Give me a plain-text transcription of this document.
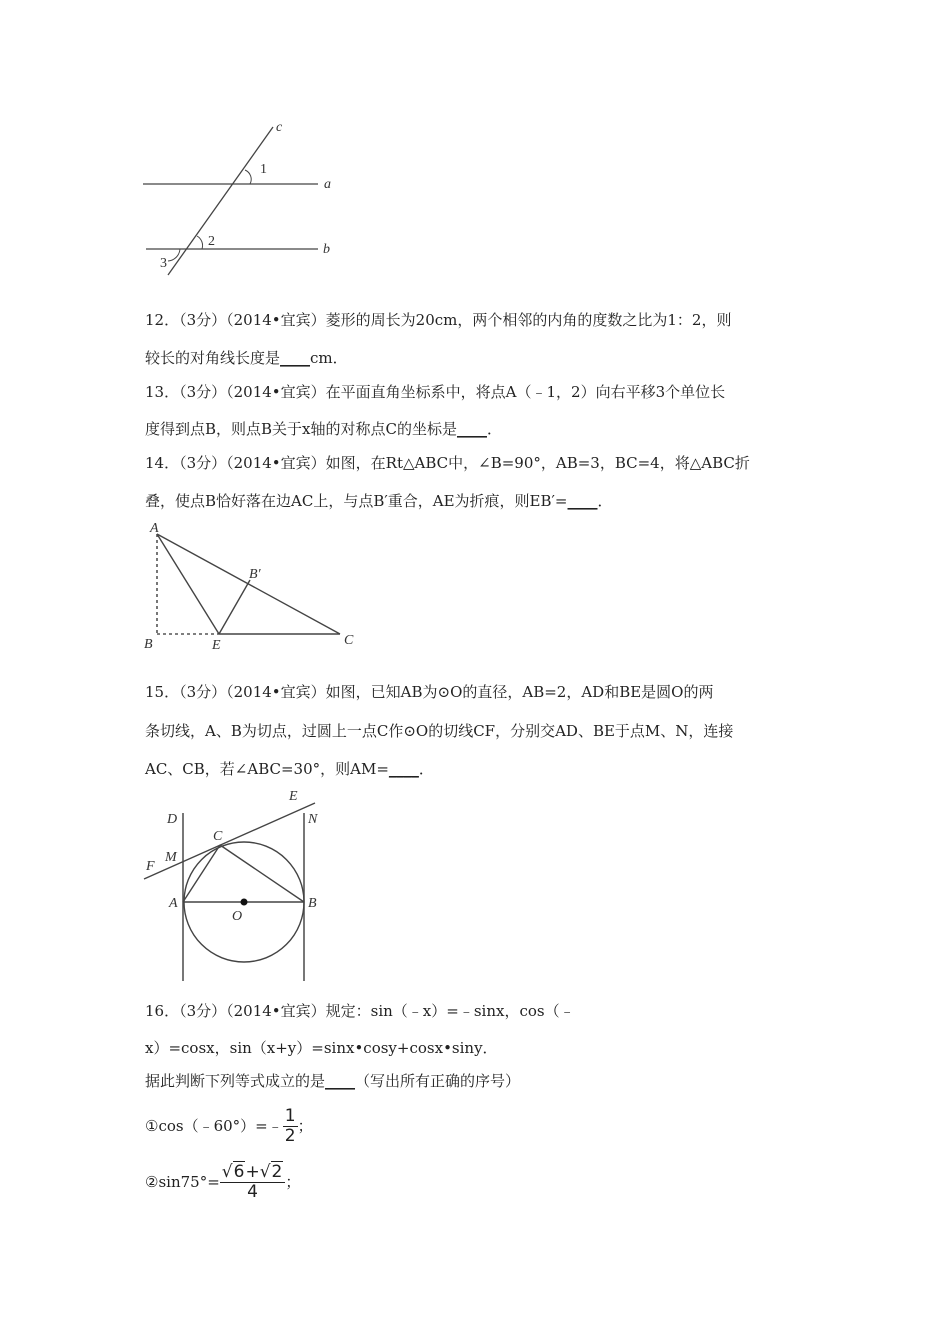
c
a
b
1
2
3
12．（3分）（2014•宜宾）菱形的周长为20cm，两个相邻的内角的度数之比为1：2，则
较长的对角线长度是____cm．
13．（3分）（2014•宜宾）在平面直角坐标系中，将点A（﹣1，2）向右平移3个单位长
度得到点B，则点B关于x轴的对称点C的坐标是____．
14．（3分）（2014•宜宾）如图，在Rt△ABC中，∠B=90°，AB=3，BC=4，将△ABC折
叠，使点B恰好落在边AC上，与点B′重合，AE为折痕，则EB′=____．
A
B	E	C
B′
15．（3分）（2014•宜宾）如图，已知AB为⊙O的直径，AB=2，AD和BE是圆O的两
条切线，A、B为切点，过圆上一点C作⊙O的切线CF，分别交AD、BE于点M、N，连接
AC、CB，若∠ABC=30°，则AM=____．
D
E
N
C
M
F
A
O
B
16．（3分）（2014•宜宾）规定：sin（﹣x）=﹣sinx，cos（﹣
x）=cosx，sin（x+y）=sinx•cosy+cosx•siny．
据此判断下列等式成立的是____（写出所有正确的序号）
①cos（﹣60°）=﹣ $\frac{1}{2}$ ；
②sin75°= $\frac{√6+√2}{4}$ ；
